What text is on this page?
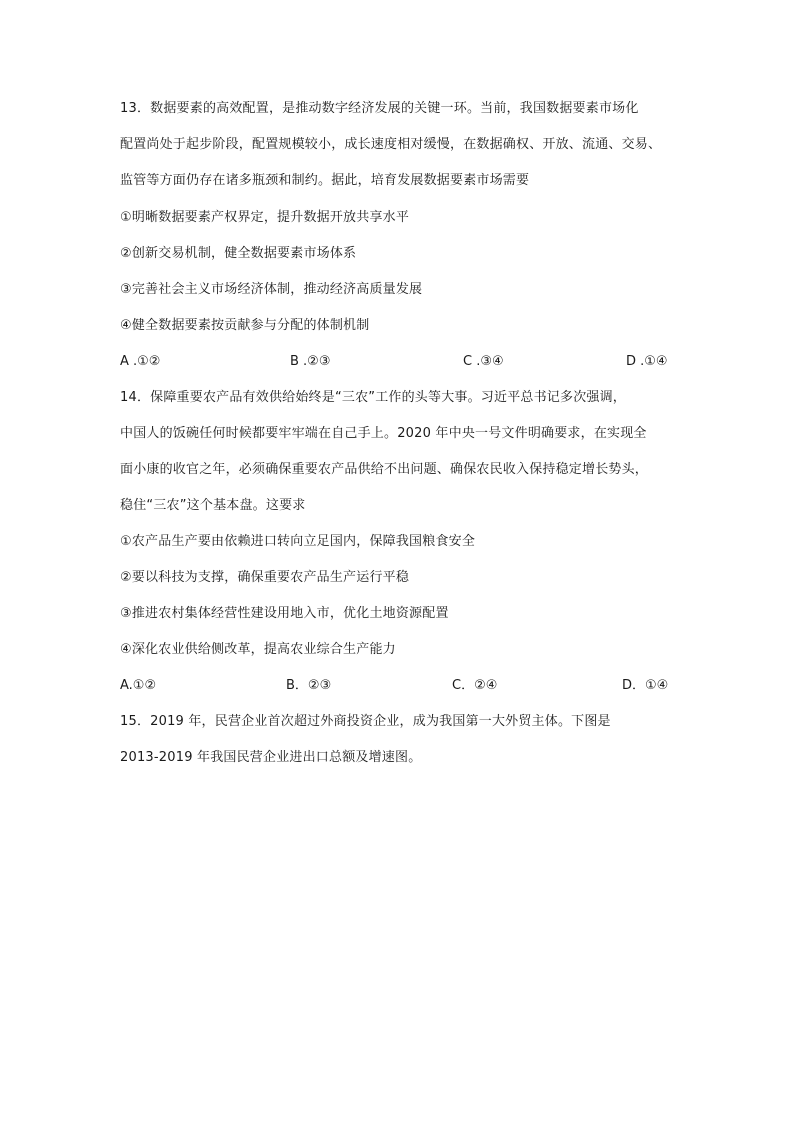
13．数据要素的高效配置，是推动数字经济发展的关键一环。当前，我国数据要素市场化
配置尚处于起步阶段，配置规模较小，成长速度相对缓慢，在数据确权、开放、流通、交易、
监管等方面仍存在诸多瓶颈和制约。据此，培育发展数据要素市场需要
①明晰数据要素产权界定，提升数据开放共享水平
②创新交易机制，健全数据要素市场体系
③完善社会主义市场经济体制，推动经济高质量发展
④健全数据要素按贡献参与分配的体制机制
A .①②	B .②③	C .③④	D .①④
14．保障重要农产品有效供给始终是“三农”工作的头等大事。习近平总书记多次强调，
中国人的饭碗任何时候都要牢牢端在自己手上。2020 年中央一号文件明确要求，在实现全
面小康的收官之年，必须确保重要农产品供给不出问题、确保农民收入保持稳定增长势头，
稳住“三农”这个基本盘。这要求
①农产品生产要由依赖进口转向立足国内，保障我国粮食安全
②要以科技为支撑，确保重要农产品生产运行平稳
③推进农村集体经营性建设用地入市，优化土地资源配置
④深化农业供给侧改革，提高农业综合生产能力
A.①②	B．②③	C．②④	D．①④
15．2019 年，民营企业首次超过外商投资企业，成为我国第一大外贸主体。下图是
2013-2019 年我国民营企业进出口总额及增速图。
